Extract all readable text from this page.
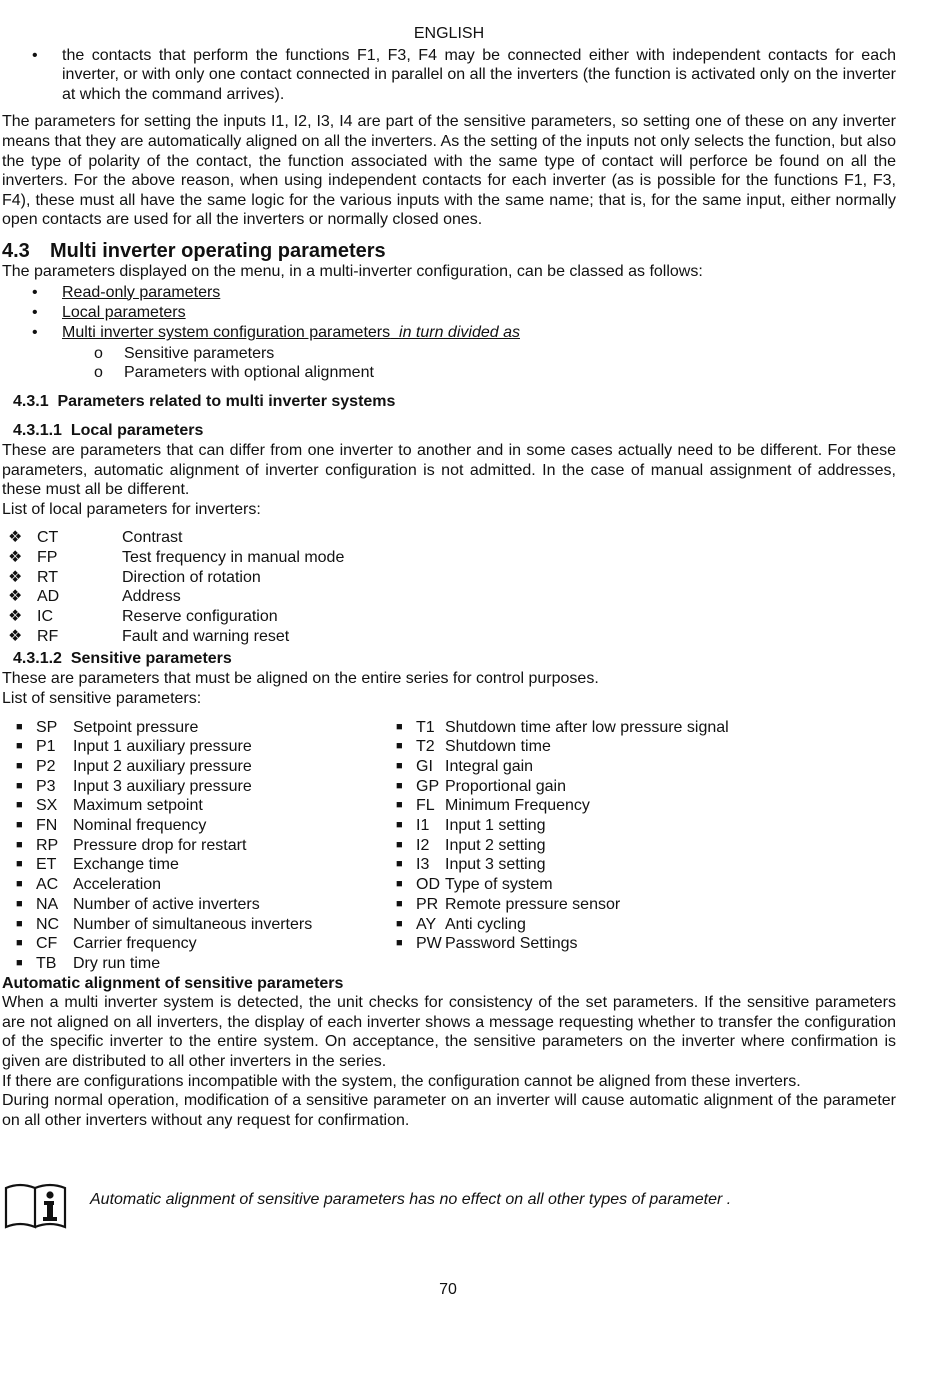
ENGLISH
• the contacts that perform the functions F1, F3, F4 may be connected either with independent contacts for each inverter, or with only one contact connected in parallel on all the inverters (the function is activated only on the inverter at which the command arrives).

The parameters for setting the inputs I1, I2, I3, I4 are part of the sensitive parameters, so setting one of these on any inverter means that they are automatically aligned on all the inverters. As the setting of the inputs not only selects the function, but also the type of polarity of the contact, the function associated with the same type of contact will perforce be found on all the inverters. For the above reason, when using independent contacts for each inverter (as is possible for the functions F1, F3, F4), these must all have the same logic for the various inputs with the same name; that is, for the same input, either normally open contacts are used for all the inverters or normally closed ones.

4.3 Multi inverter operating parameters

The parameters displayed on the menu, in a multi-inverter configuration, can be classed as follows:

• Read-only parameters
• Local parameters
• Multi inverter system configuration parameters in turn divided as
o Sensitive parameters
o Parameters with optional alignment
4.3.1 Parameters related to multi inverter systems
4.3.1.1 Local parameters

These are parameters that can differ from one inverter to another and in some cases actually need to be different. For these parameters, automatic alignment of inverter configuration is not admitted. In the case of manual assignment of addresses, these must all be different.

List of local parameters for inverters:

❖ CT	Contrast
❖ FP	Test frequency in manual mode
❖ RT	Direction of rotation
❖ AD	Address
❖ IC	Reserve configuration
❖ RF	Fault and warning reset
4.3.1.2 Sensitive parameters

These are parameters that must be aligned on the entire series for control purposes.

List of sensitive parameters:

■ SP Setpoint pressure
■ P1 Input 1 auxiliary pressure
■ P2 Input 2 auxiliary pressure
■ P3 Input 3 auxiliary pressure
■ SX Maximum setpoint
■ FN Nominal frequency
■ RP Pressure drop for restart
■ ET Exchange time
■ AC Acceleration
■ NA Number of active inverters
■ NC Number of simultaneous inverters
■ CF Carrier frequency
■ TB Dry run time
■ T1 Shutdown time after low pressure signal
■ T2 Shutdown time
■ GI Integral gain
■ GP Proportional gain
■ FL Minimum Frequency
■ I1 Input 1 setting
■ I2 Input 2 setting
■ I3 Input 3 setting
■ OD Type of system
■ PR Remote pressure sensor
■ AY Anti cycling
■ PW Password Settings

Automatic alignment of sensitive parameters

When a multi inverter system is detected, the unit checks for consistency of the set parameters. If the sensitive parameters are not aligned on all inverters, the display of each inverter shows a message requesting whether to transfer the configuration of the specific inverter to the entire system. On acceptance, the sensitive parameters on the inverter where confirmation is given are distributed to all other inverters in the series.

If there are configurations incompatible with the system, the configuration cannot be aligned from these inverters.

During normal operation, modification of a sensitive parameter on an inverter will cause automatic alignment of the parameter on all other inverters without any request for confirmation.

Automatic alignment of sensitive parameters has no effect on all other types of parameter .
70
